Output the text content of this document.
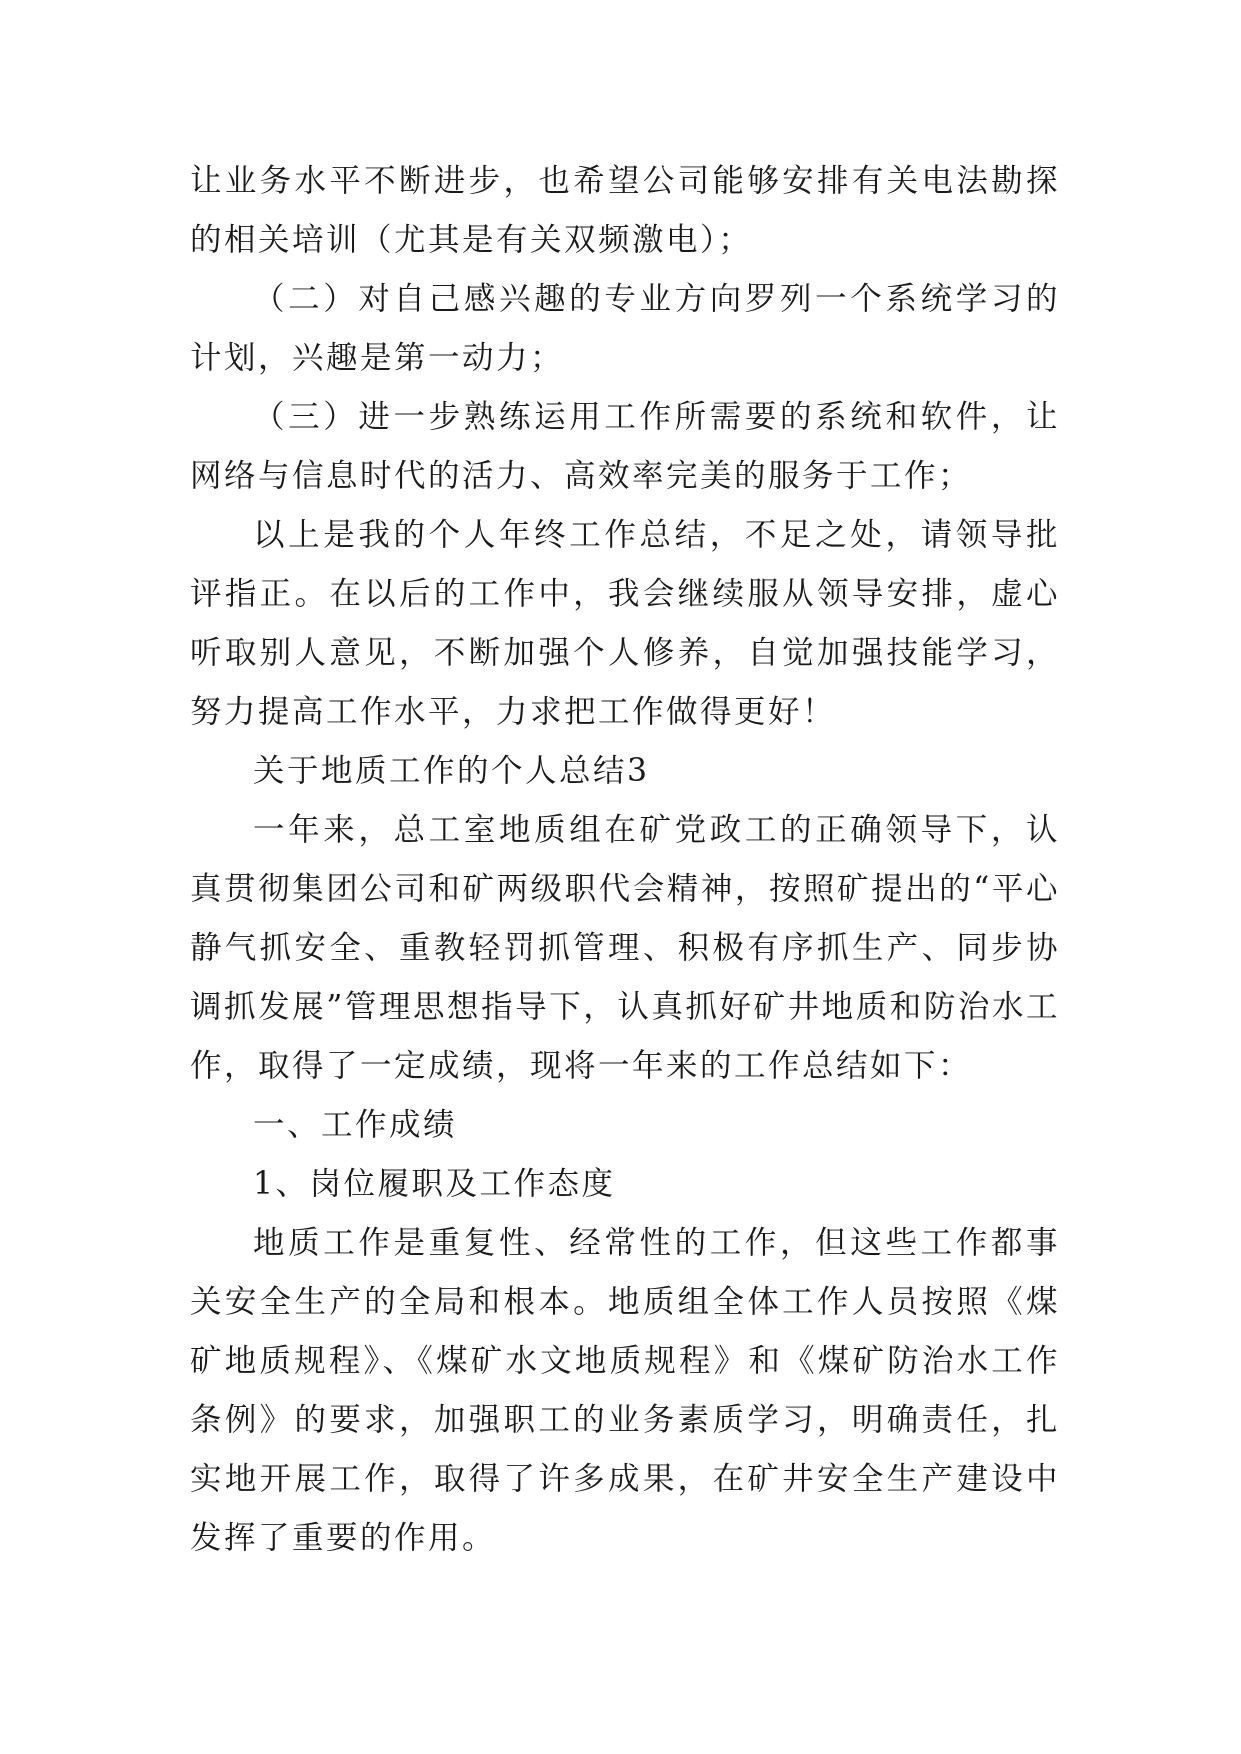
让业务水平不断进步，也希望公司能够安排有关电法勘探的相关培训（尤其是有关双频激电）；

（二）对自己感兴趣的专业方向罗列一个系统学习的计划，兴趣是第一动力；

（三）进一步熟练运用工作所需要的系统和软件，让网络与信息时代的活力、高效率完美的服务于工作；

以上是我的个人年终工作总结，不足之处，请领导批评指正。在以后的工作中，我会继续服从领导安排，虚心听取别人意见，不断加强个人修养，自觉加强技能学习，努力提高工作水平，力求把工作做得更好！

关于地质工作的个人总结3

一年来，总工室地质组在矿党政工的正确领导下，认真贯彻集团公司和矿两级职代会精神，按照矿提出的“平心静气抓安全、重教轻罚抓管理、积极有序抓生产、同步协调抓发展”管理思想指导下，认真抓好矿井地质和防治水工作，取得了一定成绩，现将一年来的工作总结如下：

一、工作成绩

1、岗位履职及工作态度

地质工作是重复性、经常性的工作，但这些工作都事关安全生产的全局和根本。地质组全体工作人员按照《煤矿地质规程》、《煤矿水文地质规程》和《煤矿防治水工作条例》的要求，加强职工的业务素质学习，明确责任，扎实地开展工作，取得了许多成果，在矿井安全生产建设中发挥了重要的作用。
